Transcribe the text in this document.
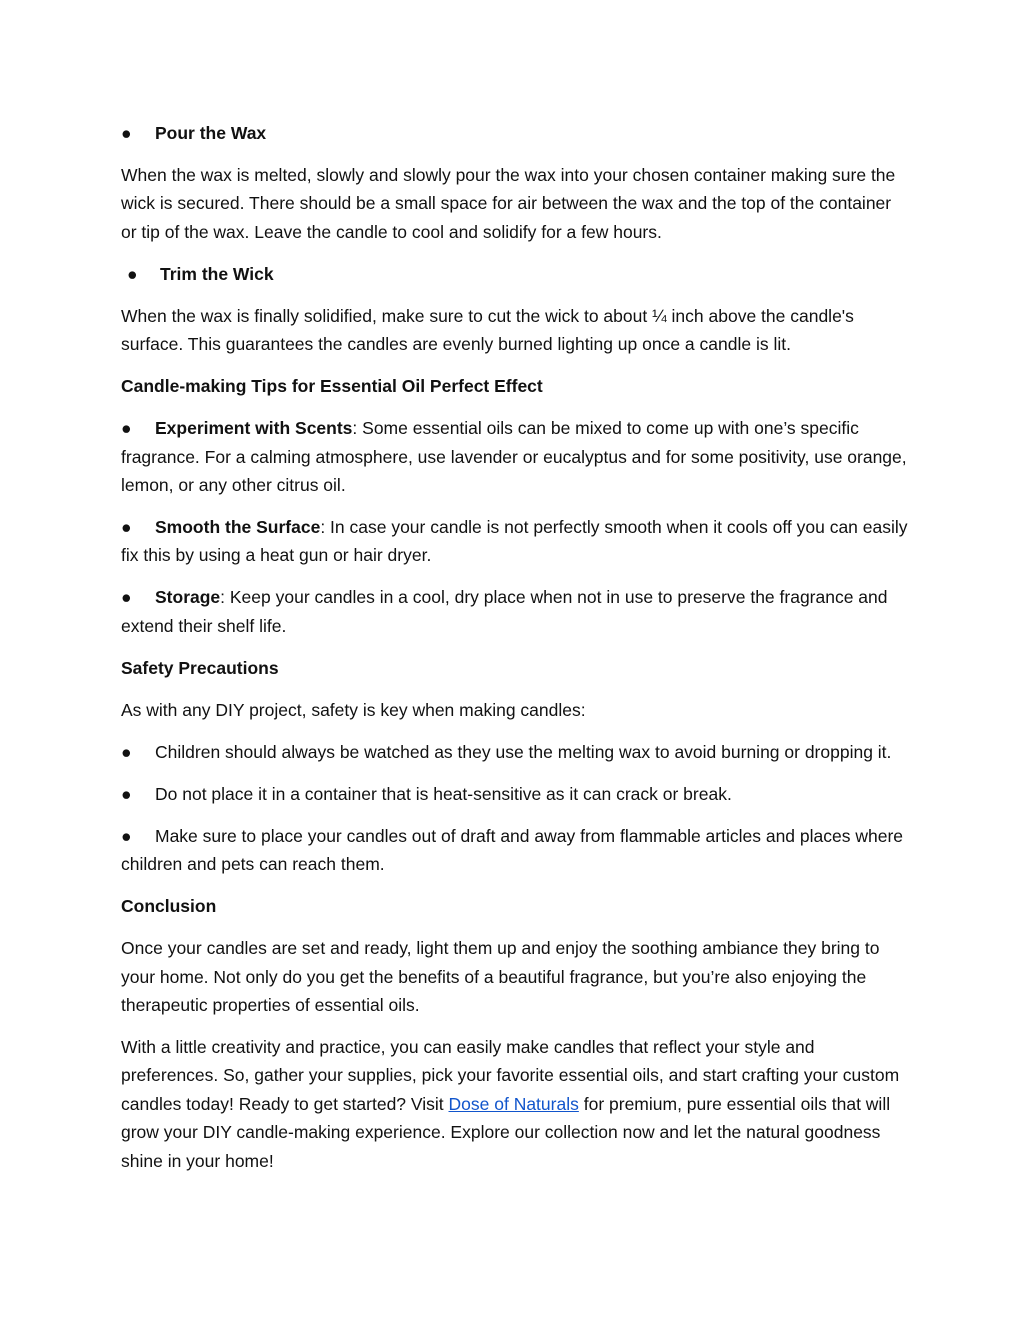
● Pour the Wax

When the wax is melted, slowly and slowly pour the wax into your chosen container making sure the wick is secured. There should be a small space for air between the wax and the top of the container or tip of the wax. Leave the candle to cool and solidify for a few hours.

● Trim the Wick

When the wax is finally solidified, make sure to cut the wick to about ¼ inch above the candle's surface. This guarantees the candles are evenly burned lighting up once a candle is lit.

Candle-making Tips for Essential Oil Perfect Effect
● Experiment with Scents: Some essential oils can be mixed to come up with one’s specific fragrance. For a calming atmosphere, use lavender or eucalyptus and for some positivity, use orange, lemon, or any other citrus oil.
● Smooth the Surface: In case your candle is not perfectly smooth when it cools off you can easily fix this by using a heat gun or hair dryer.
● Storage: Keep your candles in a cool, dry place when not in use to preserve the fragrance and extend their shelf life.
Safety Precautions

As with any DIY project, safety is key when making candles:

● Children should always be watched as they use the melting wax to avoid burning or dropping it.
● Do not place it in a container that is heat-sensitive as it can crack or break.
● Make sure to place your candles out of draft and away from flammable articles and places where children and pets can reach them.
Conclusion

Once your candles are set and ready, light them up and enjoy the soothing ambiance they bring to your home. Not only do you get the benefits of a beautiful fragrance, but you’re also enjoying the therapeutic properties of essential oils.

With a little creativity and practice, you can easily make candles that reflect your style and preferences. So, gather your supplies, pick your favorite essential oils, and start crafting your custom candles today! Ready to get started? Visit Dose of Naturals for premium, pure essential oils that will grow your DIY candle-making experience. Explore our collection now and let the natural goodness shine in your home!
